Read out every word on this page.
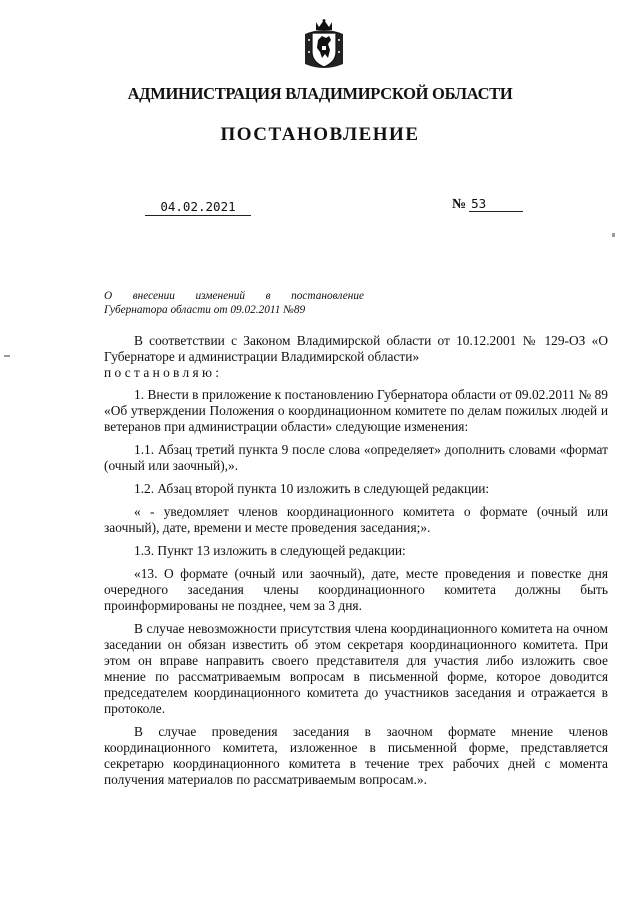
АДМИНИСТРАЦИЯ ВЛАДИМИРСКОЙ ОБЛАСТИ
ПОСТАНОВЛЕНИЕ
04.02.2021	№ 53
О внесении изменений в постановление
Губернатора области от 09.02.2011 №89

В соответствии с Законом Владимирской области от 10.12.2001 № 129-ОЗ «О Губернаторе и администрации Владимирской области»
постановляю:

1. Внести в приложение к постановлению Губернатора области от 09.02.2011 № 89 «Об утверждении Положения о координационном комитете по делам пожилых людей и ветеранов при администрации области» следующие изменения:

1.1. Абзац третий пункта 9 после слова «определяет» дополнить словами «формат (очный или заочный),».

1.2. Абзац второй пункта 10 изложить в следующей редакции:

« - уведомляет членов координационного комитета о формате (очный или заочный), дате, времени и месте проведения заседания;».

1.3. Пункт 13 изложить в следующей редакции:

«13. О формате (очный или заочный), дате, месте проведения и повестке дня очередного заседания члены координационного комитета должны быть проинформированы не позднее, чем за 3 дня.

В случае невозможности присутствия члена координационного комитета на очном заседании он обязан известить об этом секретаря координационного комитета. При этом он вправе направить своего представителя для участия либо изложить свое мнение по рассматриваемым вопросам в письменной форме, которое доводится председателем координационного комитета до участников заседания и отражается в протоколе.

В случае проведения заседания в заочном формате мнение членов координационного комитета, изложенное в письменной форме, представляется секретарю координационного комитета в течение трех рабочих дней с момента получения материалов по рассматриваемым вопросам.».
